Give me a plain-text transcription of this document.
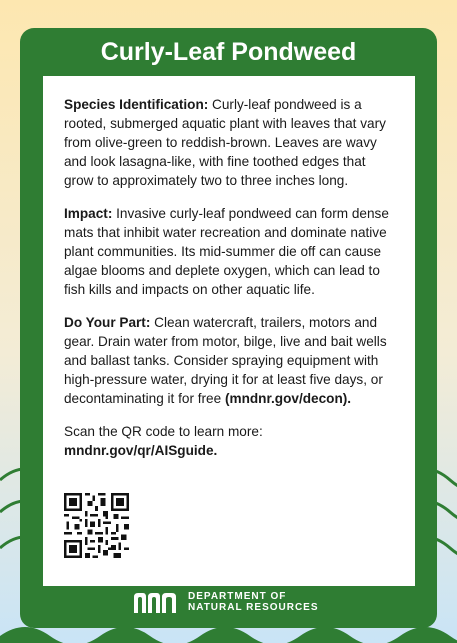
Curly-Leaf Pondweed

Species Identification: Curly-leaf pondweed is a rooted, submerged aquatic plant with leaves that vary from olive-green to reddish-brown. Leaves are wavy and look lasagna-like, with fine toothed edges that grow to approximately two to three inches long.

Impact: Invasive curly-leaf pondweed can form dense mats that inhibit water recreation and dominate native plant communities. Its mid-summer die off can cause algae blooms and deplete oxygen, which can lead to fish kills and impacts on other aquatic life.

Do Your Part: Clean watercraft, trailers, motors and gear. Drain water from motor, bilge, live and bait wells and ballast tanks. Consider spraying equipment with high-pressure water, drying it for at least five days, or decontaminating it for free (mndnr.gov/decon).

Scan the QR code to learn more:
mndnr.gov/qr/AISguide.

DEPARTMENT OF
NATURAL RESOURCES
